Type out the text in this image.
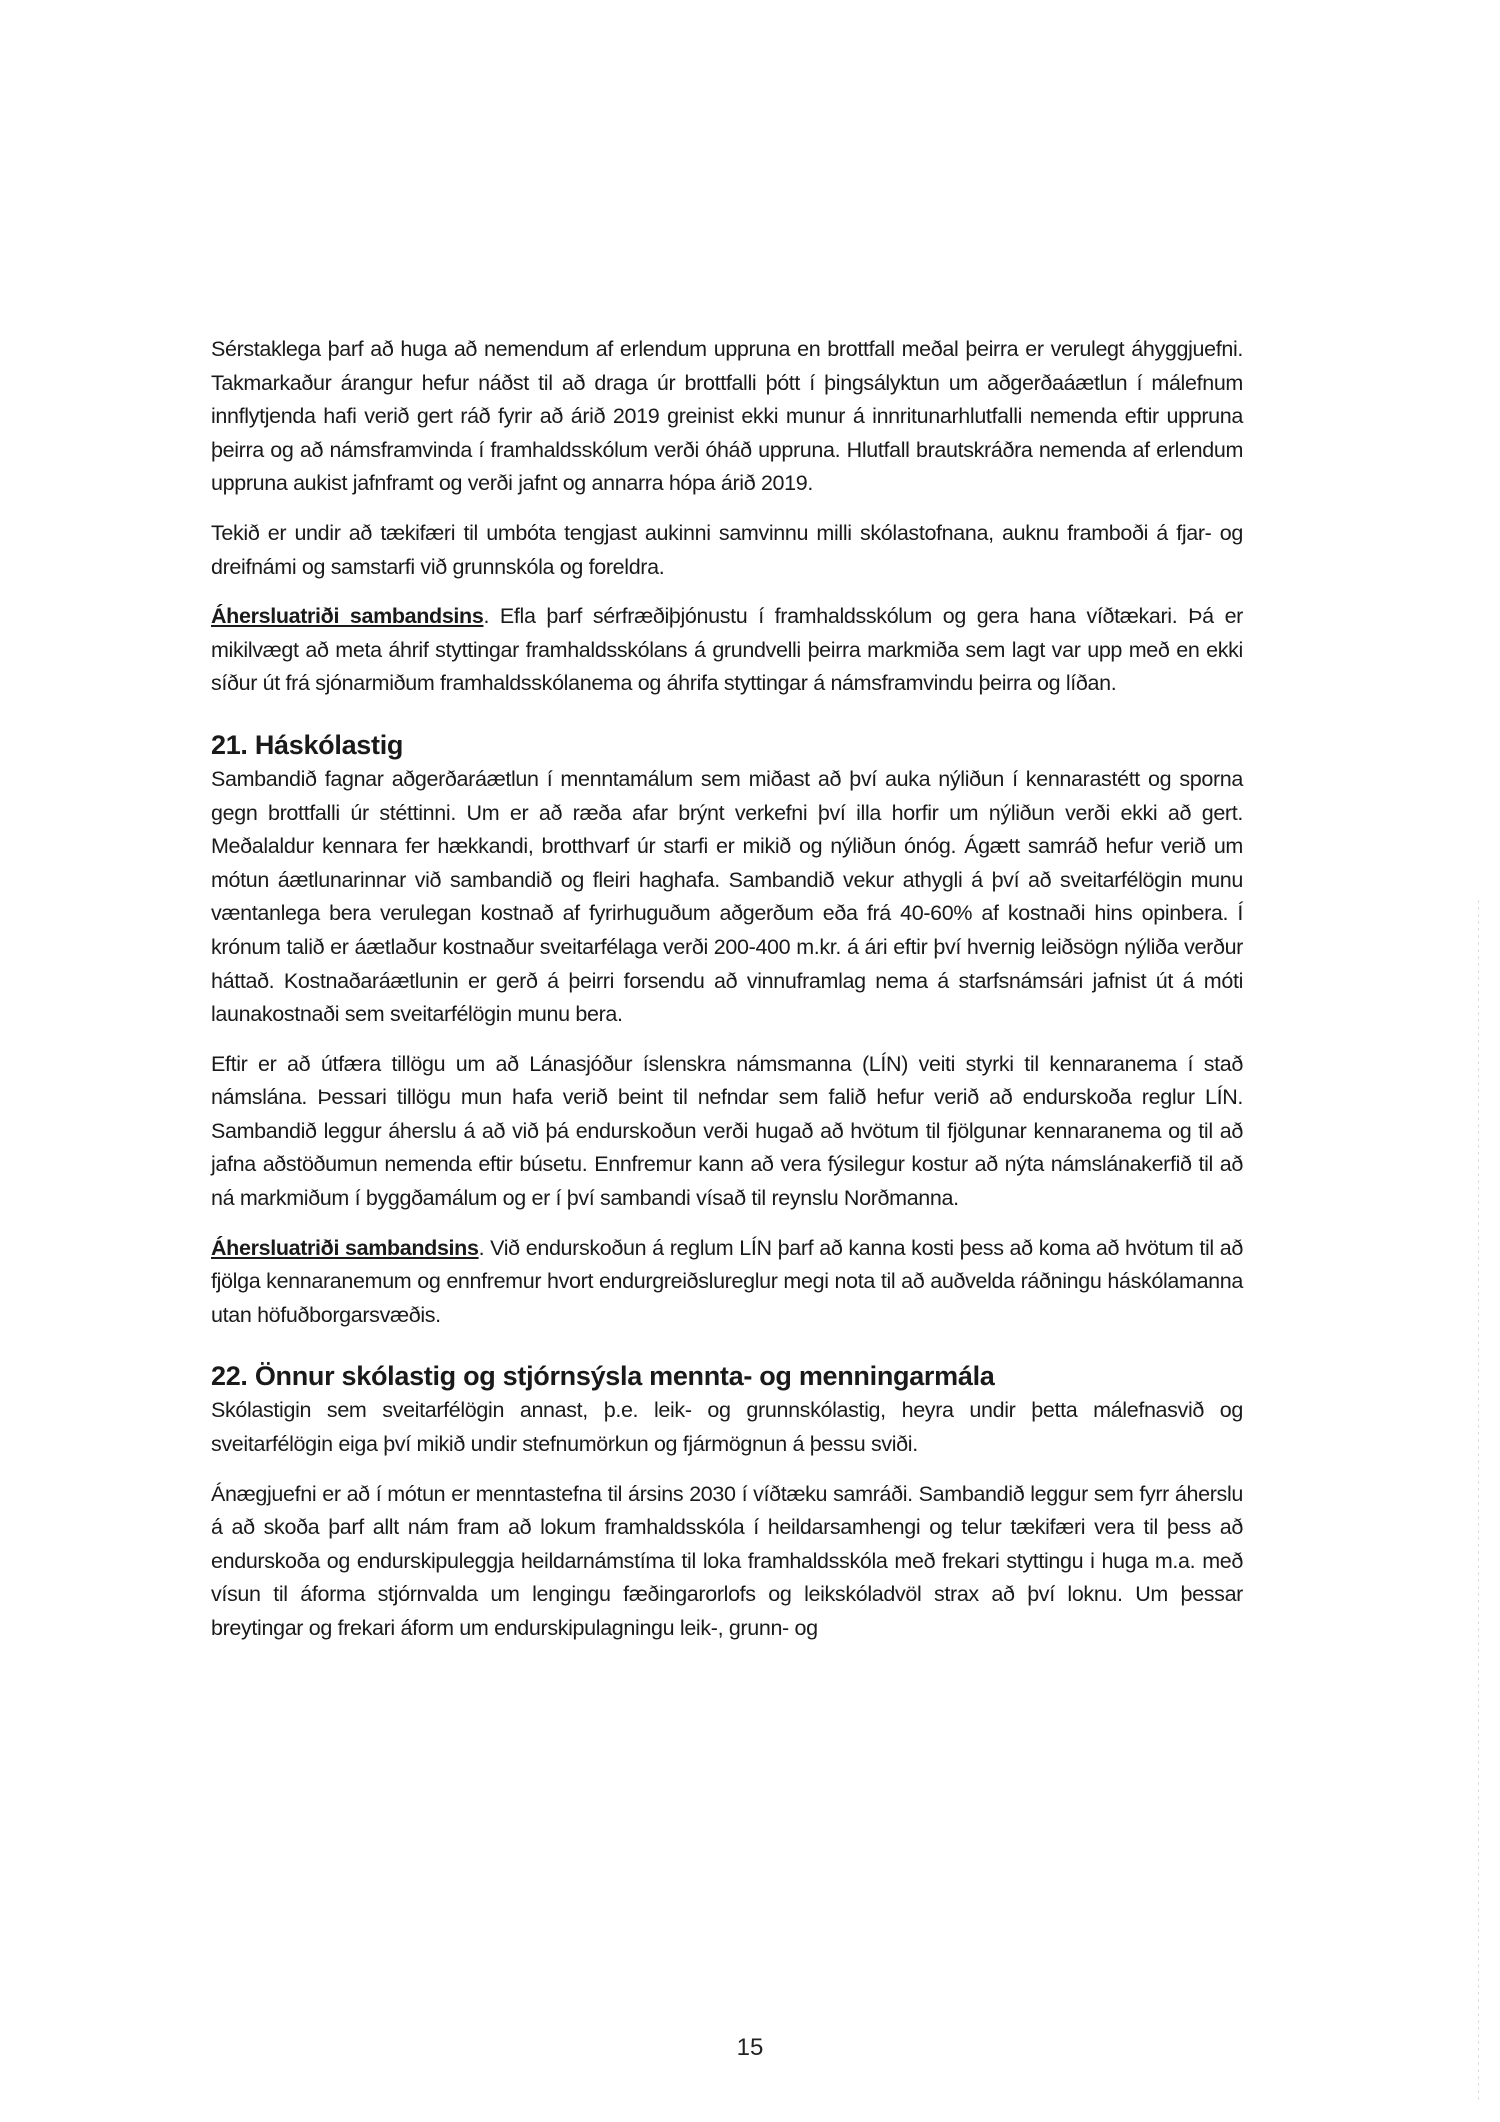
Sérstaklega þarf að huga að nemendum af erlendum uppruna en brottfall meðal þeirra er verulegt áhyggjuefni. Takmarkaður árangur hefur náðst til að draga úr brottfalli þótt í þingsályktun um aðgerðaáætlun í málefnum innflytjenda hafi verið gert ráð fyrir að árið 2019 greinist ekki munur á innritunarhlutfalli nemenda eftir uppruna þeirra og að námsframvinda í framhaldsskólum verði óháð uppruna. Hlutfall brautskráðra nemenda af erlendum uppruna aukist jafnframt og verði jafnt og annarra hópa árið 2019.

Tekið er undir að tækifæri til umbóta tengjast aukinni samvinnu milli skólastofnana, auknu framboði á fjar- og dreifnámi og samstarfi við grunnskóla og foreldra.

Áhersluatriði sambandsins. Efla þarf sérfræðiþjónustu í framhaldsskólum og gera hana víðtækari. Þá er mikilvægt að meta áhrif styttingar framhaldsskólans á grundvelli þeirra markmiða sem lagt var upp með en ekki síður út frá sjónarmiðum framhaldsskólanema og áhrifa styttingar á námsframvindu þeirra og líðan.

21. Háskólastig

Sambandið fagnar aðgerðaráætlun í menntamálum sem miðast að því auka nýliðun í kennarastétt og sporna gegn brottfalli úr stéttinni. Um er að ræða afar brýnt verkefni því illa horfir um nýliðun verði ekki að gert. Meðalaldur kennara fer hækkandi, brotthvarf úr starfi er mikið og nýliðun ónóg. Ágætt samráð hefur verið um mótun áætlunarinnar við sambandið og fleiri haghafa. Sambandið vekur athygli á því að sveitarfélögin munu væntanlega bera verulegan kostnað af fyrirhuguðum aðgerðum eða frá 40-60% af kostnaði hins opinbera. Í krónum talið er áætlaður kostnaður sveitarfélaga verði 200-400 m.kr. á ári eftir því hvernig leiðsögn nýliða verður háttað. Kostnaðaráætlunin er gerð á þeirri forsendu að vinnuframlag nema á starfsnámsári jafnist út á móti launakostnaði sem sveitarfélögin munu bera.

Eftir er að útfæra tillögu um að Lánasjóður íslenskra námsmanna (LÍN) veiti styrki til kennaranema í stað námslána. Þessari tillögu mun hafa verið beint til nefndar sem falið hefur verið að endurskoða reglur LÍN. Sambandið leggur áherslu á að við þá endurskoðun verði hugað að hvötum til fjölgunar kennaranema og til að jafna aðstöðumun nemenda eftir búsetu. Ennfremur kann að vera fýsilegur kostur að nýta námslánakerfið til að ná markmiðum í byggðamálum og er í því sambandi vísað til reynslu Norðmanna.

Áhersluatriði sambandsins. Við endurskoðun á reglum LÍN þarf að kanna kosti þess að koma að hvötum til að fjölga kennaranemum og ennfremur hvort endurgreiðslureglur megi nota til að auðvelda ráðningu háskólamanna utan höfuðborgarsvæðis.

22. Önnur skólastig og stjórnsýsla mennta- og menningarmála

Skólastigin sem sveitarfélögin annast, þ.e. leik- og grunnskólastig, heyra undir þetta málefnasvið og sveitarfélögin eiga því mikið undir stefnumörkun og fjármögnun á þessu sviði.

Ánægjuefni er að í mótun er menntastefna til ársins 2030 í víðtæku samráði. Sambandið leggur sem fyrr áherslu á að skoða þarf allt nám fram að lokum framhaldsskóla í heildarsamhengi og telur tækifæri vera til þess að endurskoða og endurskipuleggja heildarnámstíma til loka framhaldsskóla með frekari styttingu i huga m.a. með vísun til áforma stjórnvalda um lengingu fæðingarorlofs og leikskóladvöl strax að því loknu. Um þessar breytingar og frekari áform um endurskipulagningu leik-, grunn- og

15
